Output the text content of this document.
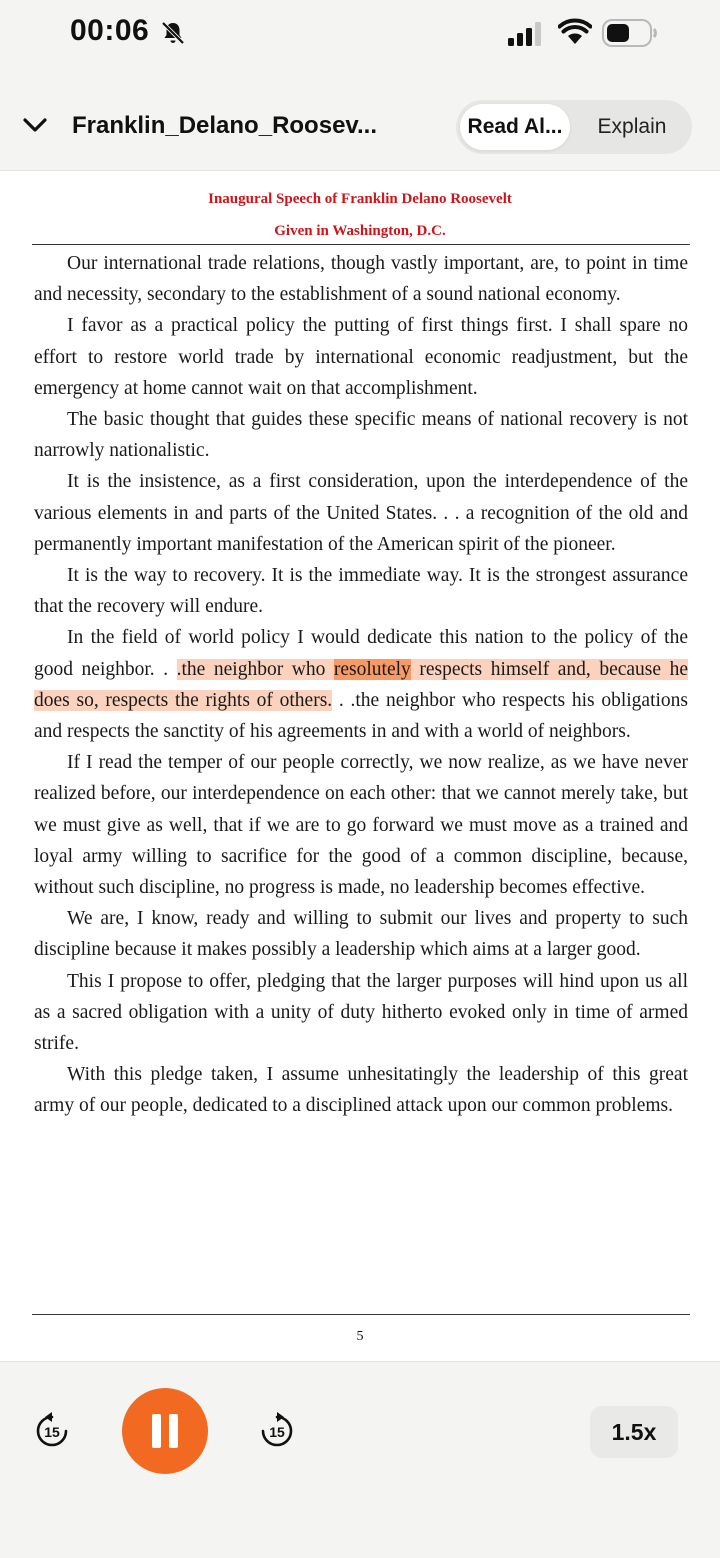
00:06
Franklin_Delano_Roosev...	Read Al...	Explain
Inaugural Speech of Franklin Delano Roosevelt
Given in Washington, D.C.

Our international trade relations, though vastly important, are, to point in time and necessity, secondary to the establishment of a sound national economy.

I favor as a practical policy the putting of first things first. I shall spare no effort to restore world trade by international economic readjustment, but the emergency at home cannot wait on that accomplishment.

The basic thought that guides these specific means of national recovery is not narrowly nationalistic.

It is the insistence, as a first consideration, upon the interdependence of the various elements in and parts of the United States. . . a recognition of the old and permanently important manifestation of the American spirit of the pioneer.

It is the way to recovery. It is the immediate way. It is the strongest assurance that the recovery will endure.

In the field of world policy I would dedicate this nation to the policy of the good neighbor. . .the neighbor who resolutely respects himself and, because he does so, respects the rights of others. . .the neighbor who respects his obligations and respects the sanctity of his agreements in and with a world of neighbors.

If I read the temper of our people correctly, we now realize, as we have never realized before, our interdependence on each other: that we cannot merely take, but we must give as well, that if we are to go forward we must move as a trained and loyal army willing to sacrifice for the good of a common discipline, because, without such discipline, no progress is made, no leadership becomes effective.

We are, I know, ready and willing to submit our lives and property to such discipline because it makes possibly a leadership which aims at a larger good.

This I propose to offer, pledging that the larger purposes will hind upon us all as a sacred obligation with a unity of duty hitherto evoked only in time of armed strife.

With this pledge taken, I assume unhesitatingly the leadership of this great army of our people, dedicated to a disciplined attack upon our common problems.

5
15	15	1.5x
